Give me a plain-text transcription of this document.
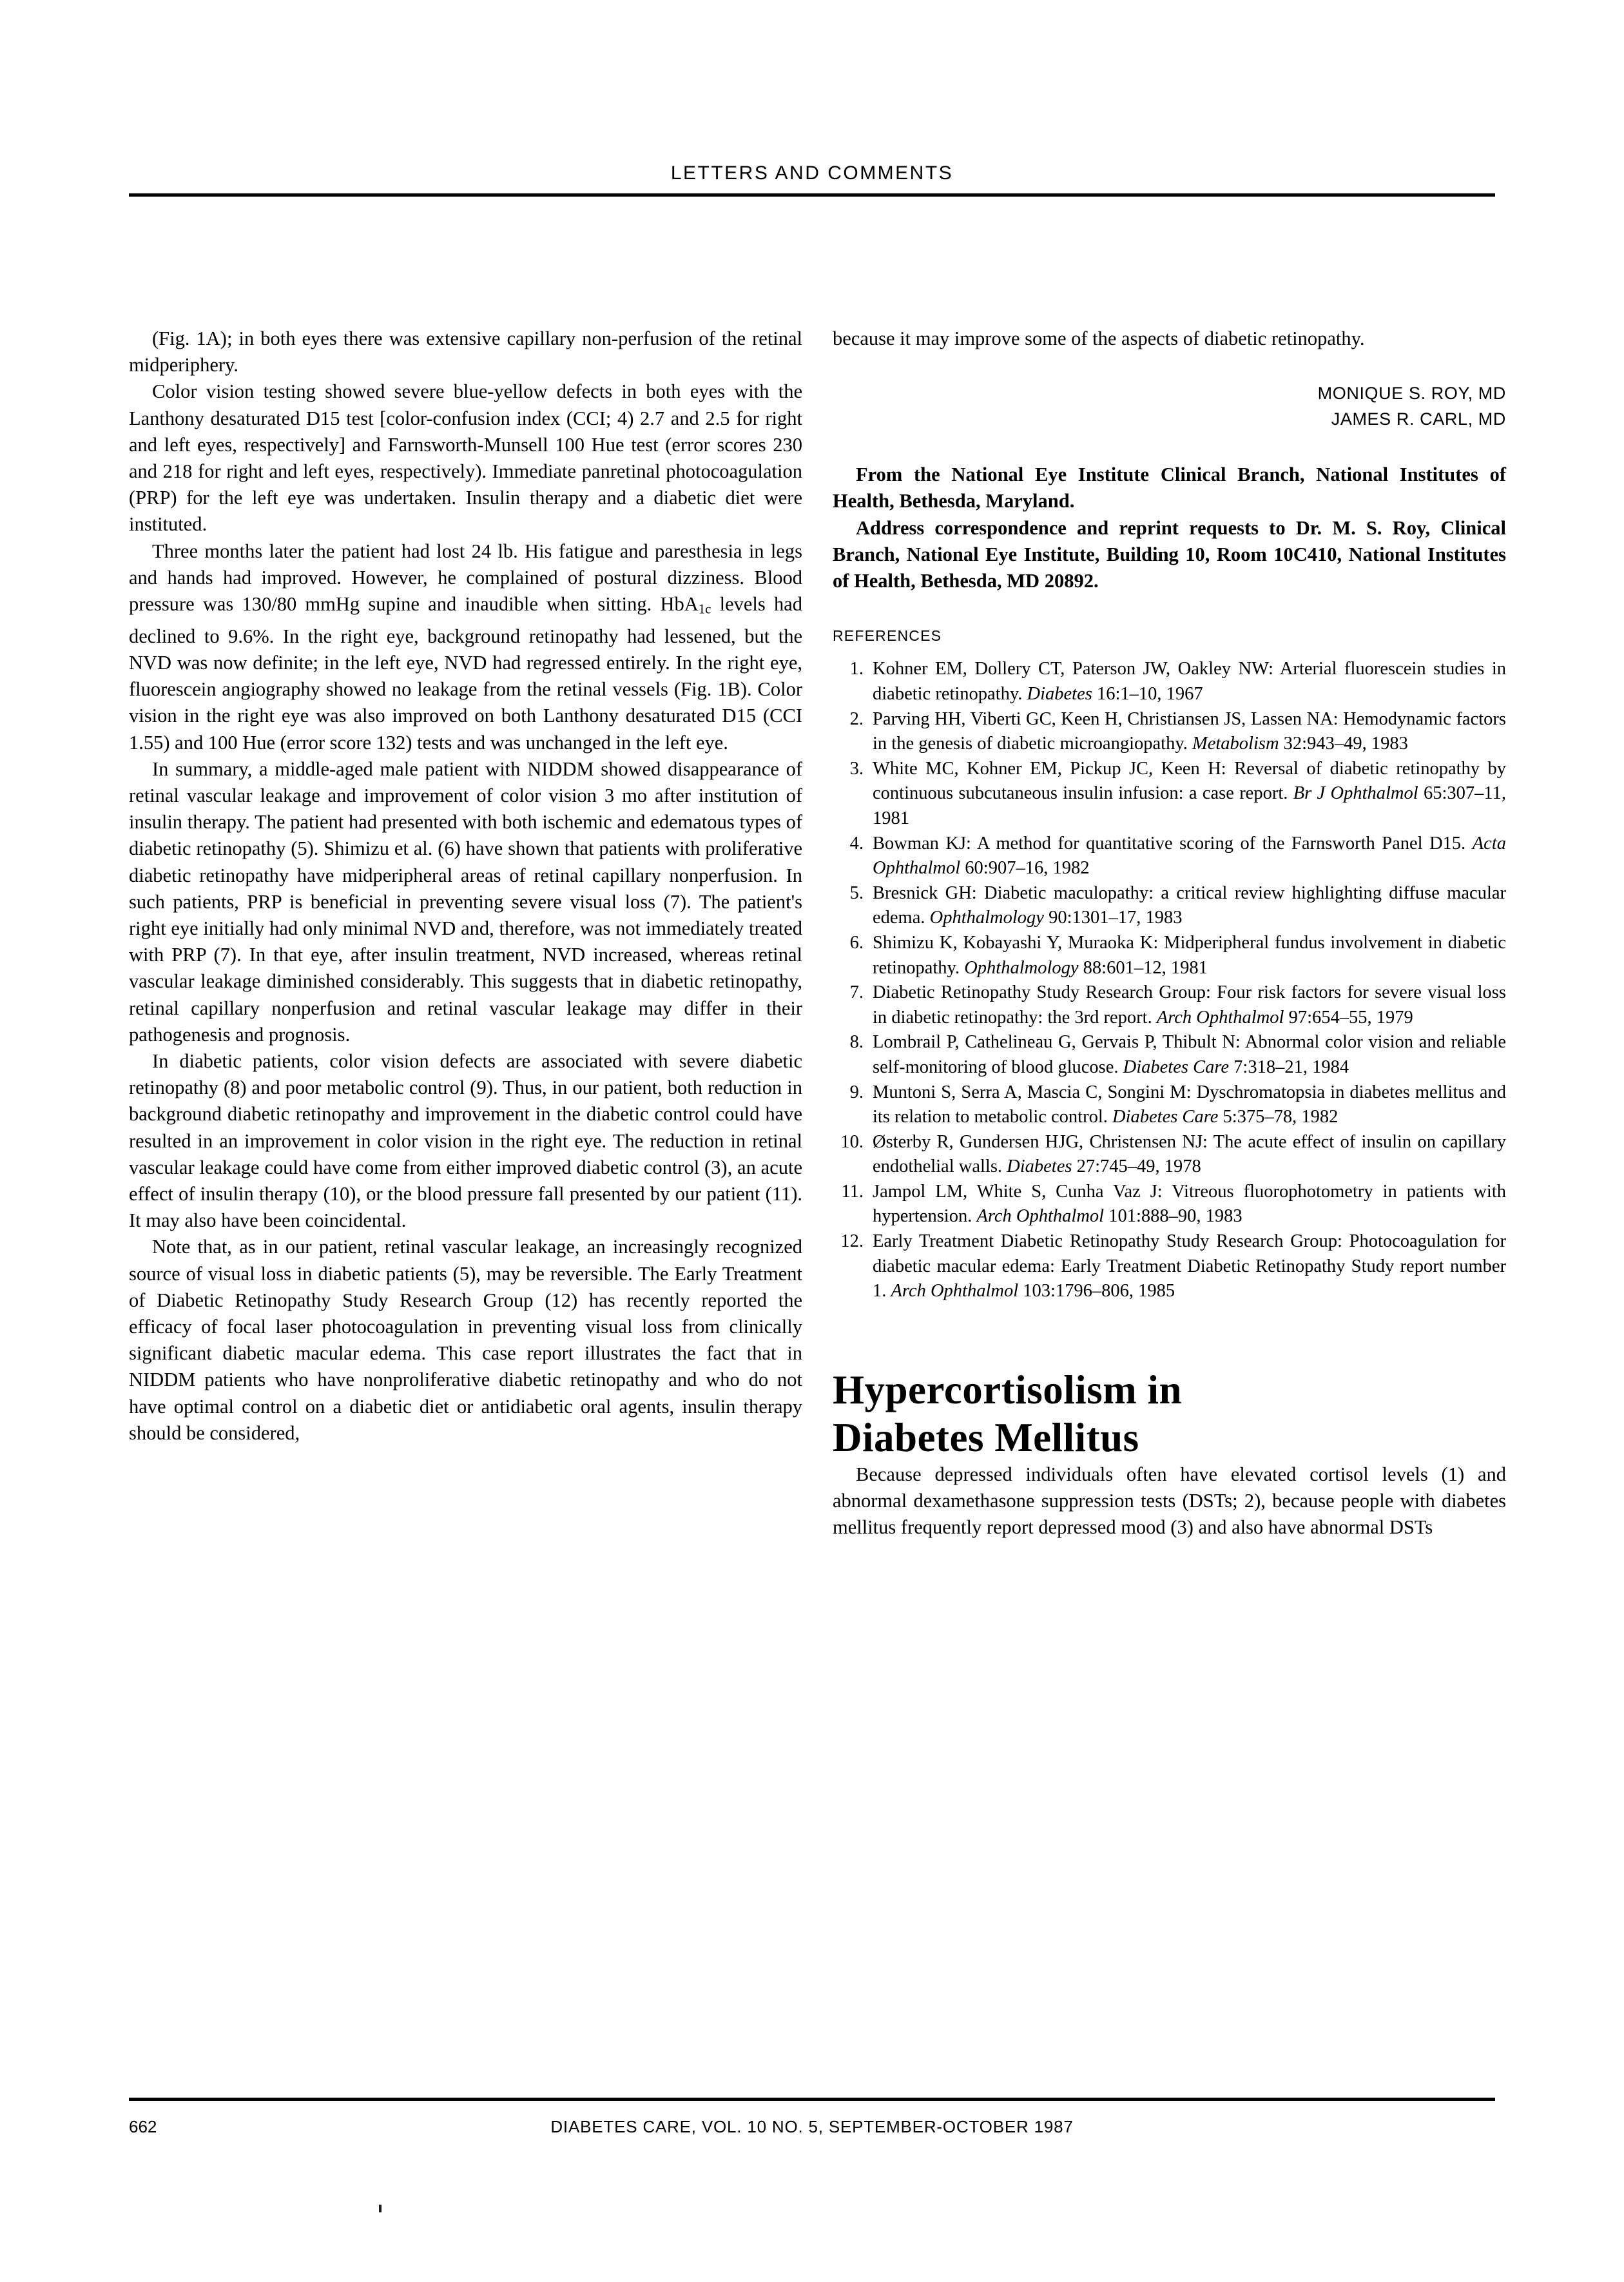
LETTERS AND COMMENTS

(Fig. 1A); in both eyes there was extensive capillary non-perfusion of the retinal midperiphery.

Color vision testing showed severe blue-yellow defects in both eyes with the Lanthony desaturated D15 test [color-confusion index (CCI; 4) 2.7 and 2.5 for right and left eyes, respectively] and Farnsworth-Munsell 100 Hue test (error scores 230 and 218 for right and left eyes, respectively). Immediate panretinal photocoagulation (PRP) for the left eye was undertaken. Insulin therapy and a diabetic diet were instituted.

Three months later the patient had lost 24 lb. His fatigue and paresthesia in legs and hands had improved. However, he complained of postural dizziness. Blood pressure was 130/80 mmHg supine and inaudible when sitting. HbA$_{1c}$ levels had declined to 9.6%. In the right eye, background retinopathy had lessened, but the NVD was now definite; in the left eye, NVD had regressed entirely. In the right eye, fluorescein angiography showed no leakage from the retinal vessels (Fig. 1B). Color vision in the right eye was also improved on both Lanthony desaturated D15 (CCI 1.55) and 100 Hue (error score 132) tests and was unchanged in the left eye.

In summary, a middle-aged male patient with NIDDM showed disappearance of retinal vascular leakage and improvement of color vision 3 mo after institution of insulin therapy. The patient had presented with both ischemic and edematous types of diabetic retinopathy (5). Shimizu et al. (6) have shown that patients with proliferative diabetic retinopathy have midperipheral areas of retinal capillary nonperfusion. In such patients, PRP is beneficial in preventing severe visual loss (7). The patient's right eye initially had only minimal NVD and, therefore, was not immediately treated with PRP (7). In that eye, after insulin treatment, NVD increased, whereas retinal vascular leakage diminished considerably. This suggests that in diabetic retinopathy, retinal capillary nonperfusion and retinal vascular leakage may differ in their pathogenesis and prognosis.

In diabetic patients, color vision defects are associated with severe diabetic retinopathy (8) and poor metabolic control (9). Thus, in our patient, both reduction in background diabetic retinopathy and improvement in the diabetic control could have resulted in an improvement in color vision in the right eye. The reduction in retinal vascular leakage could have come from either improved diabetic control (3), an acute effect of insulin therapy (10), or the blood pressure fall presented by our patient (11). It may also have been coincidental.

Note that, as in our patient, retinal vascular leakage, an increasingly recognized source of visual loss in diabetic patients (5), may be reversible. The Early Treatment of Diabetic Retinopathy Study Research Group (12) has recently reported the efficacy of focal laser photocoagulation in preventing visual loss from clinically significant diabetic macular edema. This case report illustrates the fact that in NIDDM patients who have nonproliferative diabetic retinopathy and who do not have optimal control on a diabetic diet or antidiabetic oral agents, insulin therapy should be considered,

because it may improve some of the aspects of diabetic retinopathy.

MONIQUE S. ROY, MD
JAMES R. CARL, MD

From the National Eye Institute Clinical Branch, National Institutes of Health, Bethesda, Maryland.

Address correspondence and reprint requests to Dr. M. S. Roy, Clinical Branch, National Eye Institute, Building 10, Room 10C410, National Institutes of Health, Bethesda, MD 20892.

REFERENCES
1. Kohner EM, Dollery CT, Paterson JW, Oakley NW: Arterial fluorescein studies in diabetic retinopathy. Diabetes 16:1–10, 1967
2. Parving HH, Viberti GC, Keen H, Christiansen JS, Lassen NA: Hemodynamic factors in the genesis of diabetic microangiopathy. Metabolism 32:943–49, 1983
3. White MC, Kohner EM, Pickup JC, Keen H: Reversal of diabetic retinopathy by continuous subcutaneous insulin infusion: a case report. Br J Ophthalmol 65:307–11, 1981
4. Bowman KJ: A method for quantitative scoring of the Farnsworth Panel D15. Acta Ophthalmol 60:907–16, 1982
5. Bresnick GH: Diabetic maculopathy: a critical review highlighting diffuse macular edema. Ophthalmology 90:1301–17, 1983
6. Shimizu K, Kobayashi Y, Muraoka K: Midperipheral fundus involvement in diabetic retinopathy. Ophthalmology 88:601–12, 1981
7. Diabetic Retinopathy Study Research Group: Four risk factors for severe visual loss in diabetic retinopathy: the 3rd report. Arch Ophthalmol 97:654–55, 1979
8. Lombrail P, Cathelineau G, Gervais P, Thibult N: Abnormal color vision and reliable self-monitoring of blood glucose. Diabetes Care 7:318–21, 1984
9. Muntoni S, Serra A, Mascia C, Songini M: Dyschromatopsia in diabetes mellitus and its relation to metabolic control. Diabetes Care 5:375–78, 1982
10. Østerby R, Gundersen HJG, Christensen NJ: The acute effect of insulin on capillary endothelial walls. Diabetes 27:745–49, 1978
11. Jampol LM, White S, Cunha Vaz J: Vitreous fluorophotometry in patients with hypertension. Arch Ophthalmol 101:888–90, 1983
12. Early Treatment Diabetic Retinopathy Study Research Group: Photocoagulation for diabetic macular edema: Early Treatment Diabetic Retinopathy Study report number 1. Arch Ophthalmol 103:1796–806, 1985
Hypercortisolism in
Diabetes Mellitus

Because depressed individuals often have elevated cortisol levels (1) and abnormal dexamethasone suppression tests (DSTs; 2), because people with diabetes mellitus frequently report depressed mood (3) and also have abnormal DSTs

662	DIABETES CARE, VOL. 10 NO. 5, SEPTEMBER-OCTOBER 1987
